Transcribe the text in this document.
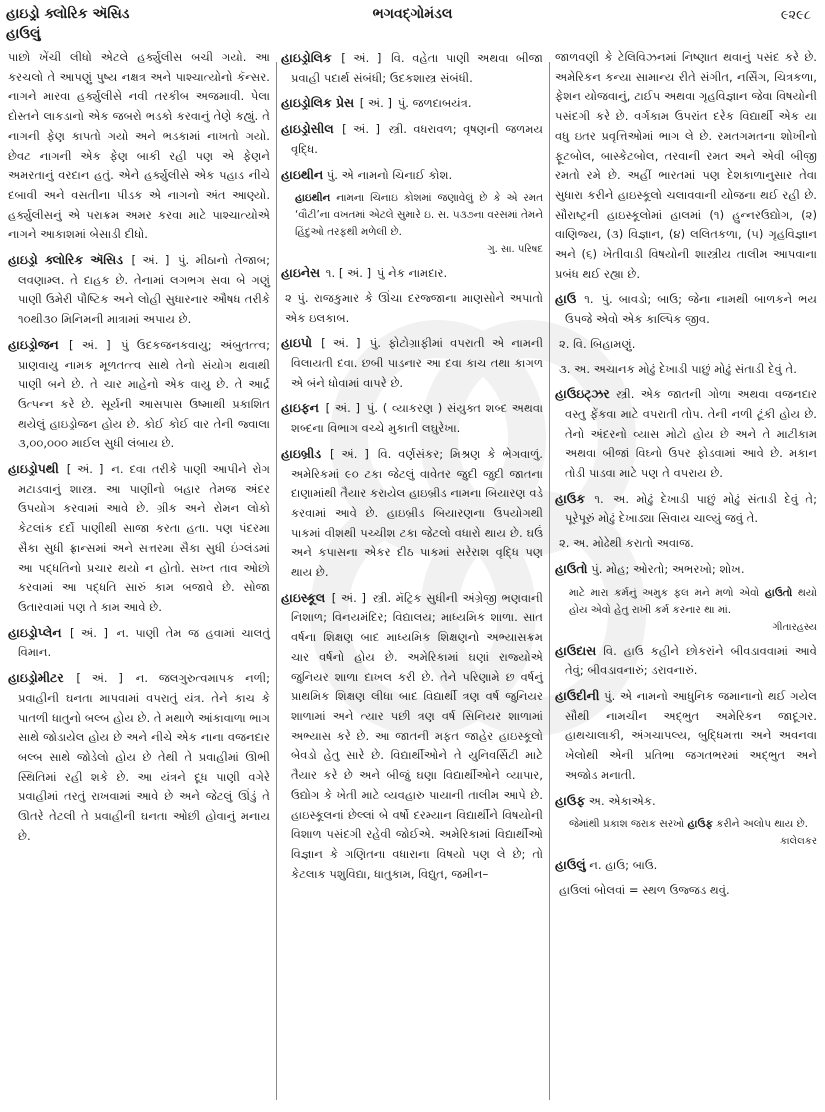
હાઇડ્રો ક્લોરિક ઍસિડ
હાઉલું
ભગવદ્ગોમંડલ	૯૨૯૮
પાછો ખેંચી લીધો એટલે હર્ક્યુલીસ બચી ગયો. આ કરચલો તે આપણું પુષ્ય નક્ષત્ર અને પાશ્ચાત્યોનો કૅન્સર. નાગને મારવા હર્ક્યુલીસે નવી તરકીબ અજમાવી. પેલા દોસ્તને લાકડાનો એક જબરો ભડકો કરવાનું તેણે કહ્યું. તે નાગની ફેણ કાપતો ગયો અને ભડકામાં નાખતો ગયો. છેવટ નાગની એક ફેણ બાકી રહી પણ એ ફેણને અમરતાનું વરદાન હતું. એને હર્ક્યુલીસે એક પહાડ નીચે દબાવી અને વસતીના પીડક એ નાગનો અંત આણ્યો. હર્ક્યુલીસનું એ પરાક્રમ અમર કરવા માટે પાશ્ચાત્યોએ નાગને આકાશમાં બેસાડી દીધો.
હાઇડ્રો ક્લોરિક ઍસિડ [ અં. ] પું. મીઠાનો તેજાબ; લવણામ્લ. તે દાહક છે. તેનામાં લગભગ સવા બે ગણું પાણી ઉમેરી પૌષ્ટિક અને લોહી સુધારનાર ઔષધ તરીકે ૧૦થી૩૦ મિનિમની માત્રામાં અપાય છે.
હાઇડ્રોજન [ અં. ] પું ઉદકજનકવાયુ; અંબુતત્ત્વ; પ્રાણવાયુ નામક મૂળતત્ત્વ સાથે તેનો સંયોગ થવાથી પાણી બને છે. તે ચાર માહેનો એક વાયુ છે. તે આર્દ્ર ઉત્પન્ન કરે છે. સૂર્યની આસપાસ ઉષ્માથી પ્રકાશિત થયેલું હાઇડ્રોજન હોય છે. કોઈ કોઈ વાર તેની જ્વાલા ૩,૦૦,૦૦૦ માઈલ સુધી લંબાય છે.
હાઇડ્રોપથી [ અં. ] ન. દવા તરીકે પાણી આપીને રોગ મટાડવાનું શાસ્ત્ર. આ પાણીનો બહાર તેમજ અંદર ઉપયોગ કરવામાં આવે છે. ગ્રીક અને રોમન લોકો કેટલાંક દર્દો પાણીથી સાજા કરતા હતા. પણ પંદરમા સૈકા સુધી ફ્રાન્સમાં અને સત્તરમા સૈકા સુધી ઇંગ્લંડમાં આ પદ્ધતિનો પ્રચાર થયો ન હોતો. સખ્ત તાવ ઓછો કરવામાં આ પદ્ધતિ સારું કામ બજાવે છે. સોજા ઉતારવામાં પણ તે કામ આવે છે.
હાઇડ્રોપ્લેન [ અં. ] ન. પાણી તેમ જ હવામાં ચાલતું વિમાન.
હાઇડ્રોમીટર [ અં. ] ન. જલગુરુત્વમાપક નળી; પ્રવાહીની ઘનતા માપવામાં વપરાતું યંત્ર. તેને કાચ કે પાતળી ધાતુનો બલ્બ હોય છે. તે મથાળે આંકાવાળા ભાગ સાથે જોડાયેલ હોય છે અને નીચે એક નાના વજનદાર બલ્બ સાથે જોડેલો હોય છે તેથી તે પ્રવાહીમાં ઊભી સ્થિતિમાં રહી શકે છે. આ યંત્રને દૂધ પાણી વગેરે પ્રવાહીમાં તરતું રાખવામાં આવે છે અને જેટલું ઊંડું તે ઊતરે તેટલી તે પ્રવાહીની ઘનતા ઓછી હોવાનું મનાય છે.
હાઇડ્રોલિક [ અં. ] વિ. વહેતા પાણી અથવા બીજા પ્રવાહી પદાર્થ સંબંધી; ઉદકશાસ્ત્ર સંબંધી.
હાઇડ્રોલિક પ્રેસ [ અં. ] પું. જળદાબયંત્ર.
હાઇડ્રોસીલ [ અં. ] સ્ત્રી. વધરાવળ; વૃષણની જળમય વૃદ્ધિ.
હાઇથીન પું. એ નામનો ચિનાઈ કોશ.
હાઇથીન નામના ચિનાઇ કોશમાં જણાવેલું છે કે એ રમત ‘વૌટી’ના વખતમાં એટલે સુમારે ઇ. સ. ૫૩૭ના વરસમાં તેમને હિંદુઓ તરફથી મળેલી છે.
ગુ. સા. પરિષદ
હાઇનેસ ૧. [ અં. ] પું નેક નામદાર.
૨ પું. રાજકુમાર કે ઊંચા દરજ્જાના માણસોને અપાતો એક ઇલકાબ.
હાઇપો [ અં. ] પું. ફોટોગ્રાફીમાં વપરાતી એ નામની વિલાયતી દવા. છબી પાડનાર આ દવા કાચ તથા કાગળ એ બંને ધોવામાં વાપરે છે.
હાઇફન [ અં. ] પું. ( વ્યાકરણ ) સંયુક્ત શબ્દ અથવા શબ્દના વિભાગ વચ્ચે મુકાતી લઘુરેખા.
હાઇબ્રીડ [ અં. ] વિ. વર્ણસંકર; મિશ્રણ કે ભેગવાળું. અમેરિકમાં ૯૦ ટકા જેટલું વાવેતર જુદી જુદી જાતના દાણામાંથી તૈયાર કરાયેલ હાઇબ્રીડ નામના બિયારણ વડે કરવામાં આવે છે. હાઇબ્રીડ બિયારણના ઉપયોગથી પાકમાં વીશથી પચ્ચીશ ટકા જેટલો વધારો થાય છે. ઘઉં અને કપાસના એકર દીઠ પાકમાં સરેરાશ વૃદ્ધિ પણ થાય છે.
હાઇસ્કૂલ [ અં. ] સ્ત્રી. મૅટ્રિક સુધીની અંગ્રેજી ભણવાની નિશાળ; વિનયમંદિર; વિદ્યાલય; માધ્યમિક શાળા. સાત વર્ષના શિક્ષણ બાદ માધ્યમિક શિક્ષણનો અભ્યાસક્રમ ચાર વર્ષનો હોય છે. અમેરિકામાં ઘણાં રાજ્યોએ જુનિયર શાળા દાખલ કરી છે. તેને પરિણામે છ વર્ષનું પ્રાથમિક શિક્ષણ લીધા બાદ વિદ્યાર્થી ત્રણ વર્ષ જુનિયર શાળામાં અને ત્યાર પછી ત્રણ વર્ષ સિનિયર શાળામાં અભ્યાસ કરે છે. આ જાતની મફત જાહેર હાઇસ્કૂલો બેવડો હેતુ સારે છે. વિદ્યાર્થીઓને તે યુનિવર્સિટી માટે તૈયાર કરે છે અને બીજું ઘણા વિદ્યાર્થીઓને વ્યાપાર, ઉદ્યોગ કે ખેતી માટે વ્યવહારુ પાયાની તાલીમ આપે છે. હાઇસ્કૂલનાં છેલ્લાં બે વર્ષો દરમ્યાન વિદ્યાર્થીને વિષયોની વિશાળ પસંદગી રહેવી જોઈએ. અમેરિકામાં વિદ્યાર્થીઓ વિજ્ઞાન કે ગણિતના વધારાના વિષયો પણ લે છે; તો કેટલાક પશુવિદ્યા, ધાતુકામ, વિદ્યુત, જમીન–
જાળવણી કે ટેલિવિઝનમાં નિષ્ણાત થવાનું પસંદ કરે છે. અમેરિકન કન્યા સામાન્ય રીતે સંગીત, નર્સિંગ, ચિત્રકળા, ફેશન યોજવાનું, ટાઈપ અથવા ગૃહવિજ્ઞાન જેવા વિષયોની પસંદગી કરે છે. વર્ગકામ ઉપરાંત દરેક વિદ્યાર્થી એક યા વધુ ઇતર પ્રવૃત્તિઓમાં ભાગ લે છે. રમતગમતના શોખીનો ફૂટબોલ, બાસ્કેટબોલ, તરવાની રમત અને એવી બીજી રમતો રમે છે. અહીં ભારતમાં પણ દેશકાળાનુસાર તેવા સુધારા કરીને હાઇસ્કૂલો ચલાવવાની યોજના થઈ રહી છે. સૌરાષ્ટ્રની હાઇસ્કૂલોમાં હાલમાં (૧) હુન્નરઉદ્યોગ, (૨) વાણિજ્ય, (૩) વિજ્ઞાન, (૪) લલિતકળા, (૫) ગૃહવિજ્ઞાન અને (૬) ખેતીવાડી વિષયોની શાસ્ત્રીય તાલીમ આપવાના પ્રબંધ થઈ રહ્યા છે.
હાઉ ૧. પું. બાવડો; બાઉ; જેના નામથી બાળકને ભય ઉપજે એવો એક કાલ્પિક જીવ.
૨. વિ. બિહામણું.
૩. અ. અચાનક મોઢું દેખાડી પાછું મોઢું સંતાડી દેવું તે.
હાઉઇટ્ઝર સ્ત્રી. એક જાતની ગોળા અથવા વજનદાર વસ્તુ ફેંકવા માટે વપરાતી તોપ. તેની નળી ટૂંકી હોય છે. તેનો અંદરનો વ્યાસ મોટો હોય છે અને તે માટીકામ અથવા બીજાં વિઘ્નો ઉપર ફોડવામાં આવે છે. મકાન તોડી પાડવા માટે પણ તે વપરાય છે.
હાઉક ૧. અ. મોઢું દેખાડી પાછું મોઢું સંતાડી દેવું તે; પૂરેપૂરું મોઢું દેખાડ્યા સિવાય ચાલ્યું જવું તે.
૨. અ. મોઢેથી કરાતો અવાજ.
હાઉતો પું. મોહ; ઓરતો; અભરખો; શોખ.
માટે મારા કર્મનું અમુક ફલ મને મળો એવો હાઉતો થયો હોય એવો હેતુ રાખી કર્મ કરનાર થા માં.
ગીતારહસ્ય
હાઉદાસ વિ. હાઉ કહીને છોકરાંને બીવડાવવામાં આવે તેવું; બીવડાવનારું; ડરાવનારું.
હાઉદીની પું. એ નામનો આધુનિક જમાનાનો થઈ ગયેલ સૌથી નામચીન અદ્ભુત અમેરિકન જાદૂગર. હાથચાલાકી, અંગચાપલ્ય, બુદ્ધિમત્તા અને અવનવા ખેલોથી એની પ્રતિભા જગતભરમાં અદ્ભુત અને અજોડ મનાતી.
હાઉફ અ. એકાએક.
જેમાંથી પ્રકાશ જરાક સરખો હાઉફ કરીને અલોપ થાય છે.
કાલેલકર
હાઉલું ન. હાઉ; બાઉ.
હાઉલાં બોલવાં = સ્થળ ઉજ્જડ થવું.
